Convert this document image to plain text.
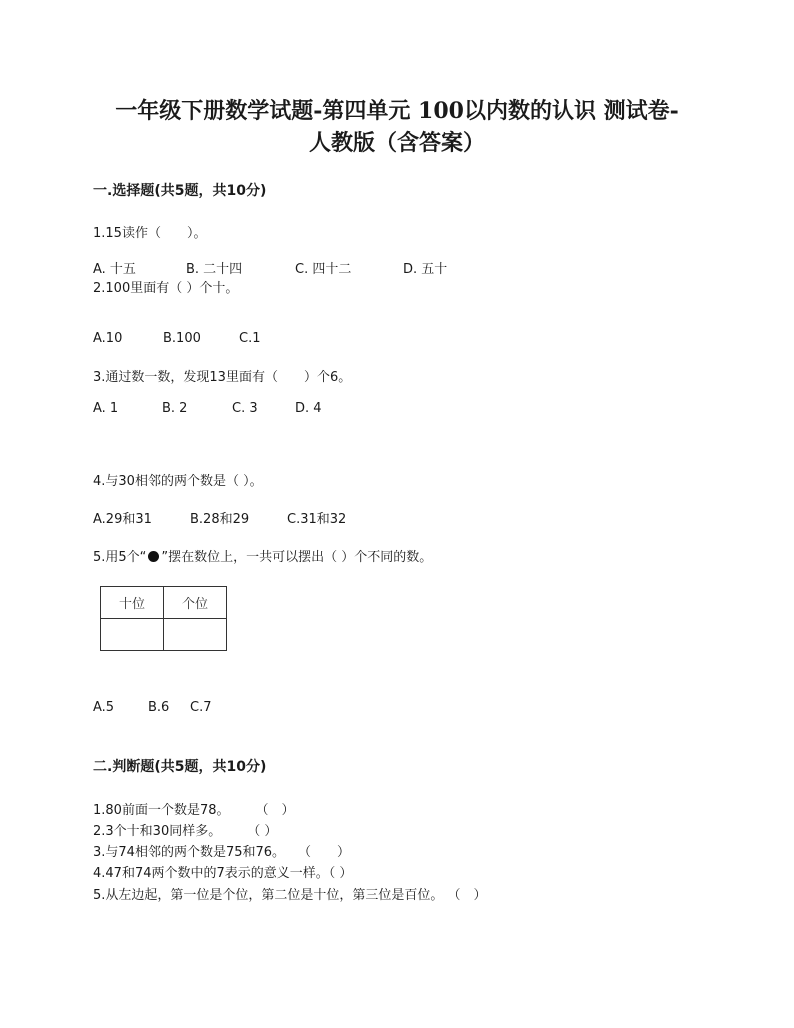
一年级下册数学试题-第四单元 100以内数的认识 测试卷-
人教版（含答案）
一.选择题(共5题，共10分)
1.15读作（　　）。
A. 十五	B. 二十四	C. 四十二	D. 五十
2.100里面有（ ）个十。
A.10	B.100	C.1
3.通过数一数，发现13里面有（　　）个6。
A. 1	B. 2	C. 3	D. 4
4.与30相邻的两个数是（ ）。
A.29和31	B.28和29	C.31和32
5.用5个“ ”摆在数位上，一共可以摆出（ ）个不同的数。
十位	个位

A.5	B.6 C.7
二.判断题(共5题，共10分)
1.80前面一个数是78。　　　（　）
2.3个十和30同样多。　　　（ ）
3.与74相邻的两个数是75和76。　　（　　）
4.47和74两个数中的7表示的意义一样。（ ）
5.从左边起，第一位是个位，第二位是十位，第三位是百位。 （　）
